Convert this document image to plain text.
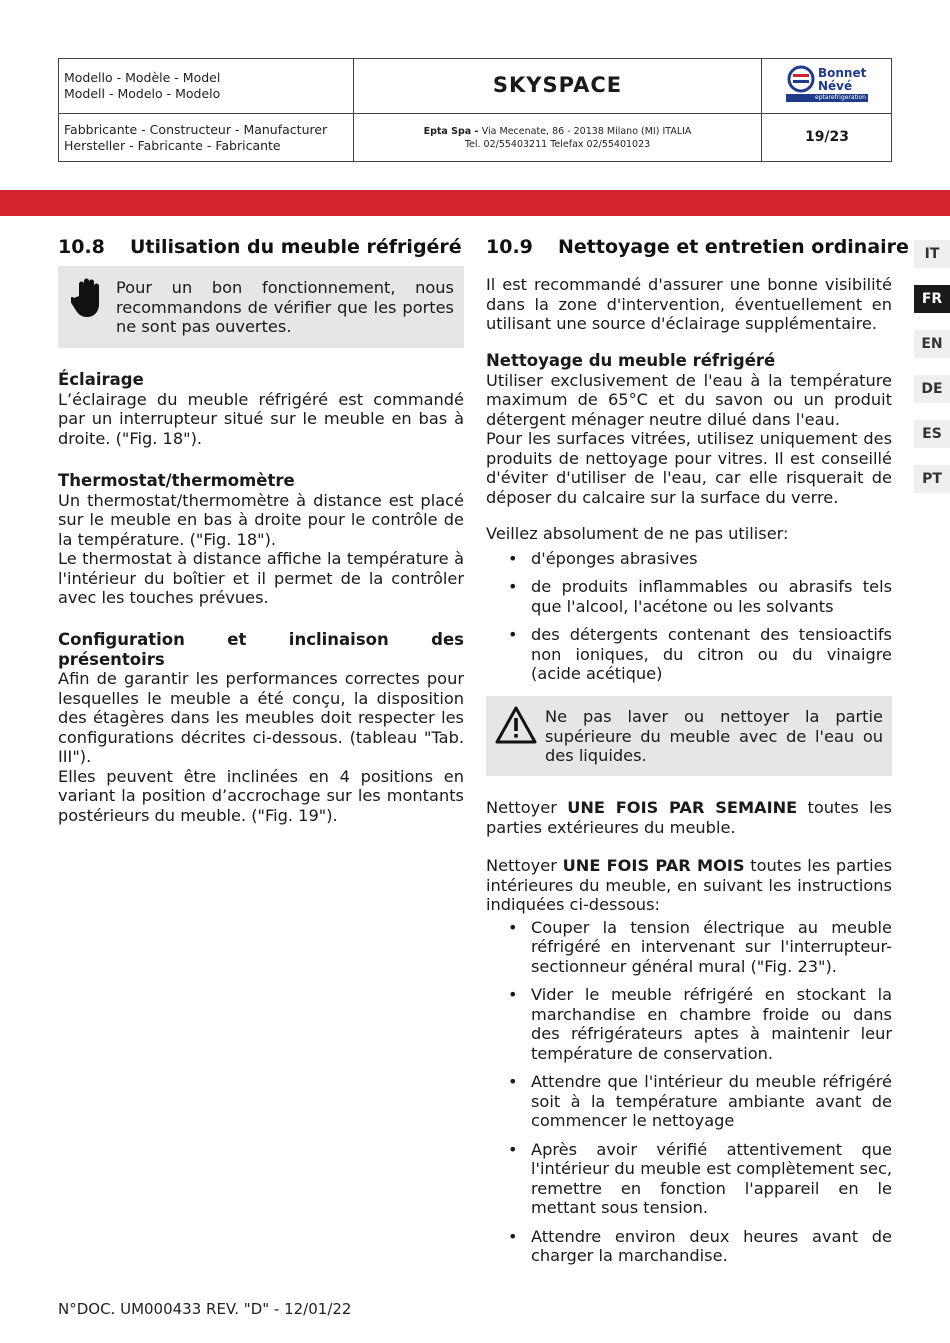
Modello - Modèle - Model
Modell - Modelo - Modelo	SKYSPACE
Fabbricante - Constructeur - Manufacturer
Hersteller - Fabricante - Fabricante
Epta Spa - Via Mecenate, 86 - 20138 Milano (MI) ITALIA
Tel. 02/55403211 Telefax 02/55401023	19/23
Bonnet
Névé
eptarefrigeration
IT
FR
EN
DE
ES
PT
10.8 Utilisation du meuble réfrigéré
Pour un bon fonctionnement, nous recommandons de vérifier que les portes ne sont pas ouvertes.
Éclairage
L’éclairage du meuble réfrigéré est commandé par un interrupteur situé sur le meuble en bas à droite. ("Fig. 18").
Thermostat/thermomètre
Un thermostat/thermomètre à distance est placé sur le meuble en bas à droite pour le contrôle de la température. ("Fig. 18").
Le thermostat à distance affiche la température à l'intérieur du boîtier et il permet de la contrôler avec les touches prévues.
Configuration et inclinaison des présentoirs
Afin de garantir les performances correctes pour lesquelles le meuble a été conçu, la disposition des étagères dans les meubles doit respecter les configurations décrites ci-dessous. (tableau "Tab. III").
Elles peuvent être inclinées en 4 positions en variant la position d’accrochage sur les montants postérieurs du meuble. ("Fig. 19").
10.9 Nettoyage et entretien ordinaire
Il est recommandé d'assurer une bonne visibilité dans la zone d'intervention, éventuellement en utilisant une source d'éclairage supplémentaire.
Nettoyage du meuble réfrigéré
Utiliser exclusivement de l'eau à la température maximum de 65°C et du savon ou un produit détergent ménager neutre dilué dans l'eau.
Pour les surfaces vitrées, utilisez uniquement des produits de nettoyage pour vitres. Il est conseillé d'éviter d'utiliser de l'eau, car elle risquerait de déposer du calcaire sur la surface du verre.
Veillez absolument de ne pas utiliser:
• d'éponges abrasives
• de produits inflammables ou abrasifs tels que l'alcool, l'acétone ou les solvants
• des détergents contenant des tensioactifs non ioniques, du citron ou du vinaigre (acide acétique)
Ne pas laver ou nettoyer la partie supérieure du meuble avec de l'eau ou des liquides.
Nettoyer UNE FOIS PAR SEMAINE toutes les parties extérieures du meuble.
Nettoyer UNE FOIS PAR MOIS toutes les parties intérieures du meuble, en suivant les instructions indiquées ci-dessous:
• Couper la tension électrique au meuble réfrigéré en intervenant sur l'interrupteur-sectionneur général mural ("Fig. 23").
• Vider le meuble réfrigéré en stockant la marchandise en chambre froide ou dans des réfrigérateurs aptes à maintenir leur température de conservation.
• Attendre que l'intérieur du meuble réfrigéré soit à la température ambiante avant de commencer le nettoyage
• Après avoir vérifié attentivement que l'intérieur du meuble est complètement sec, remettre en fonction l'appareil en le mettant sous tension.
• Attendre environ deux heures avant de charger la marchandise.
N°DOC. UM000433 REV. "D" - 12/01/22
